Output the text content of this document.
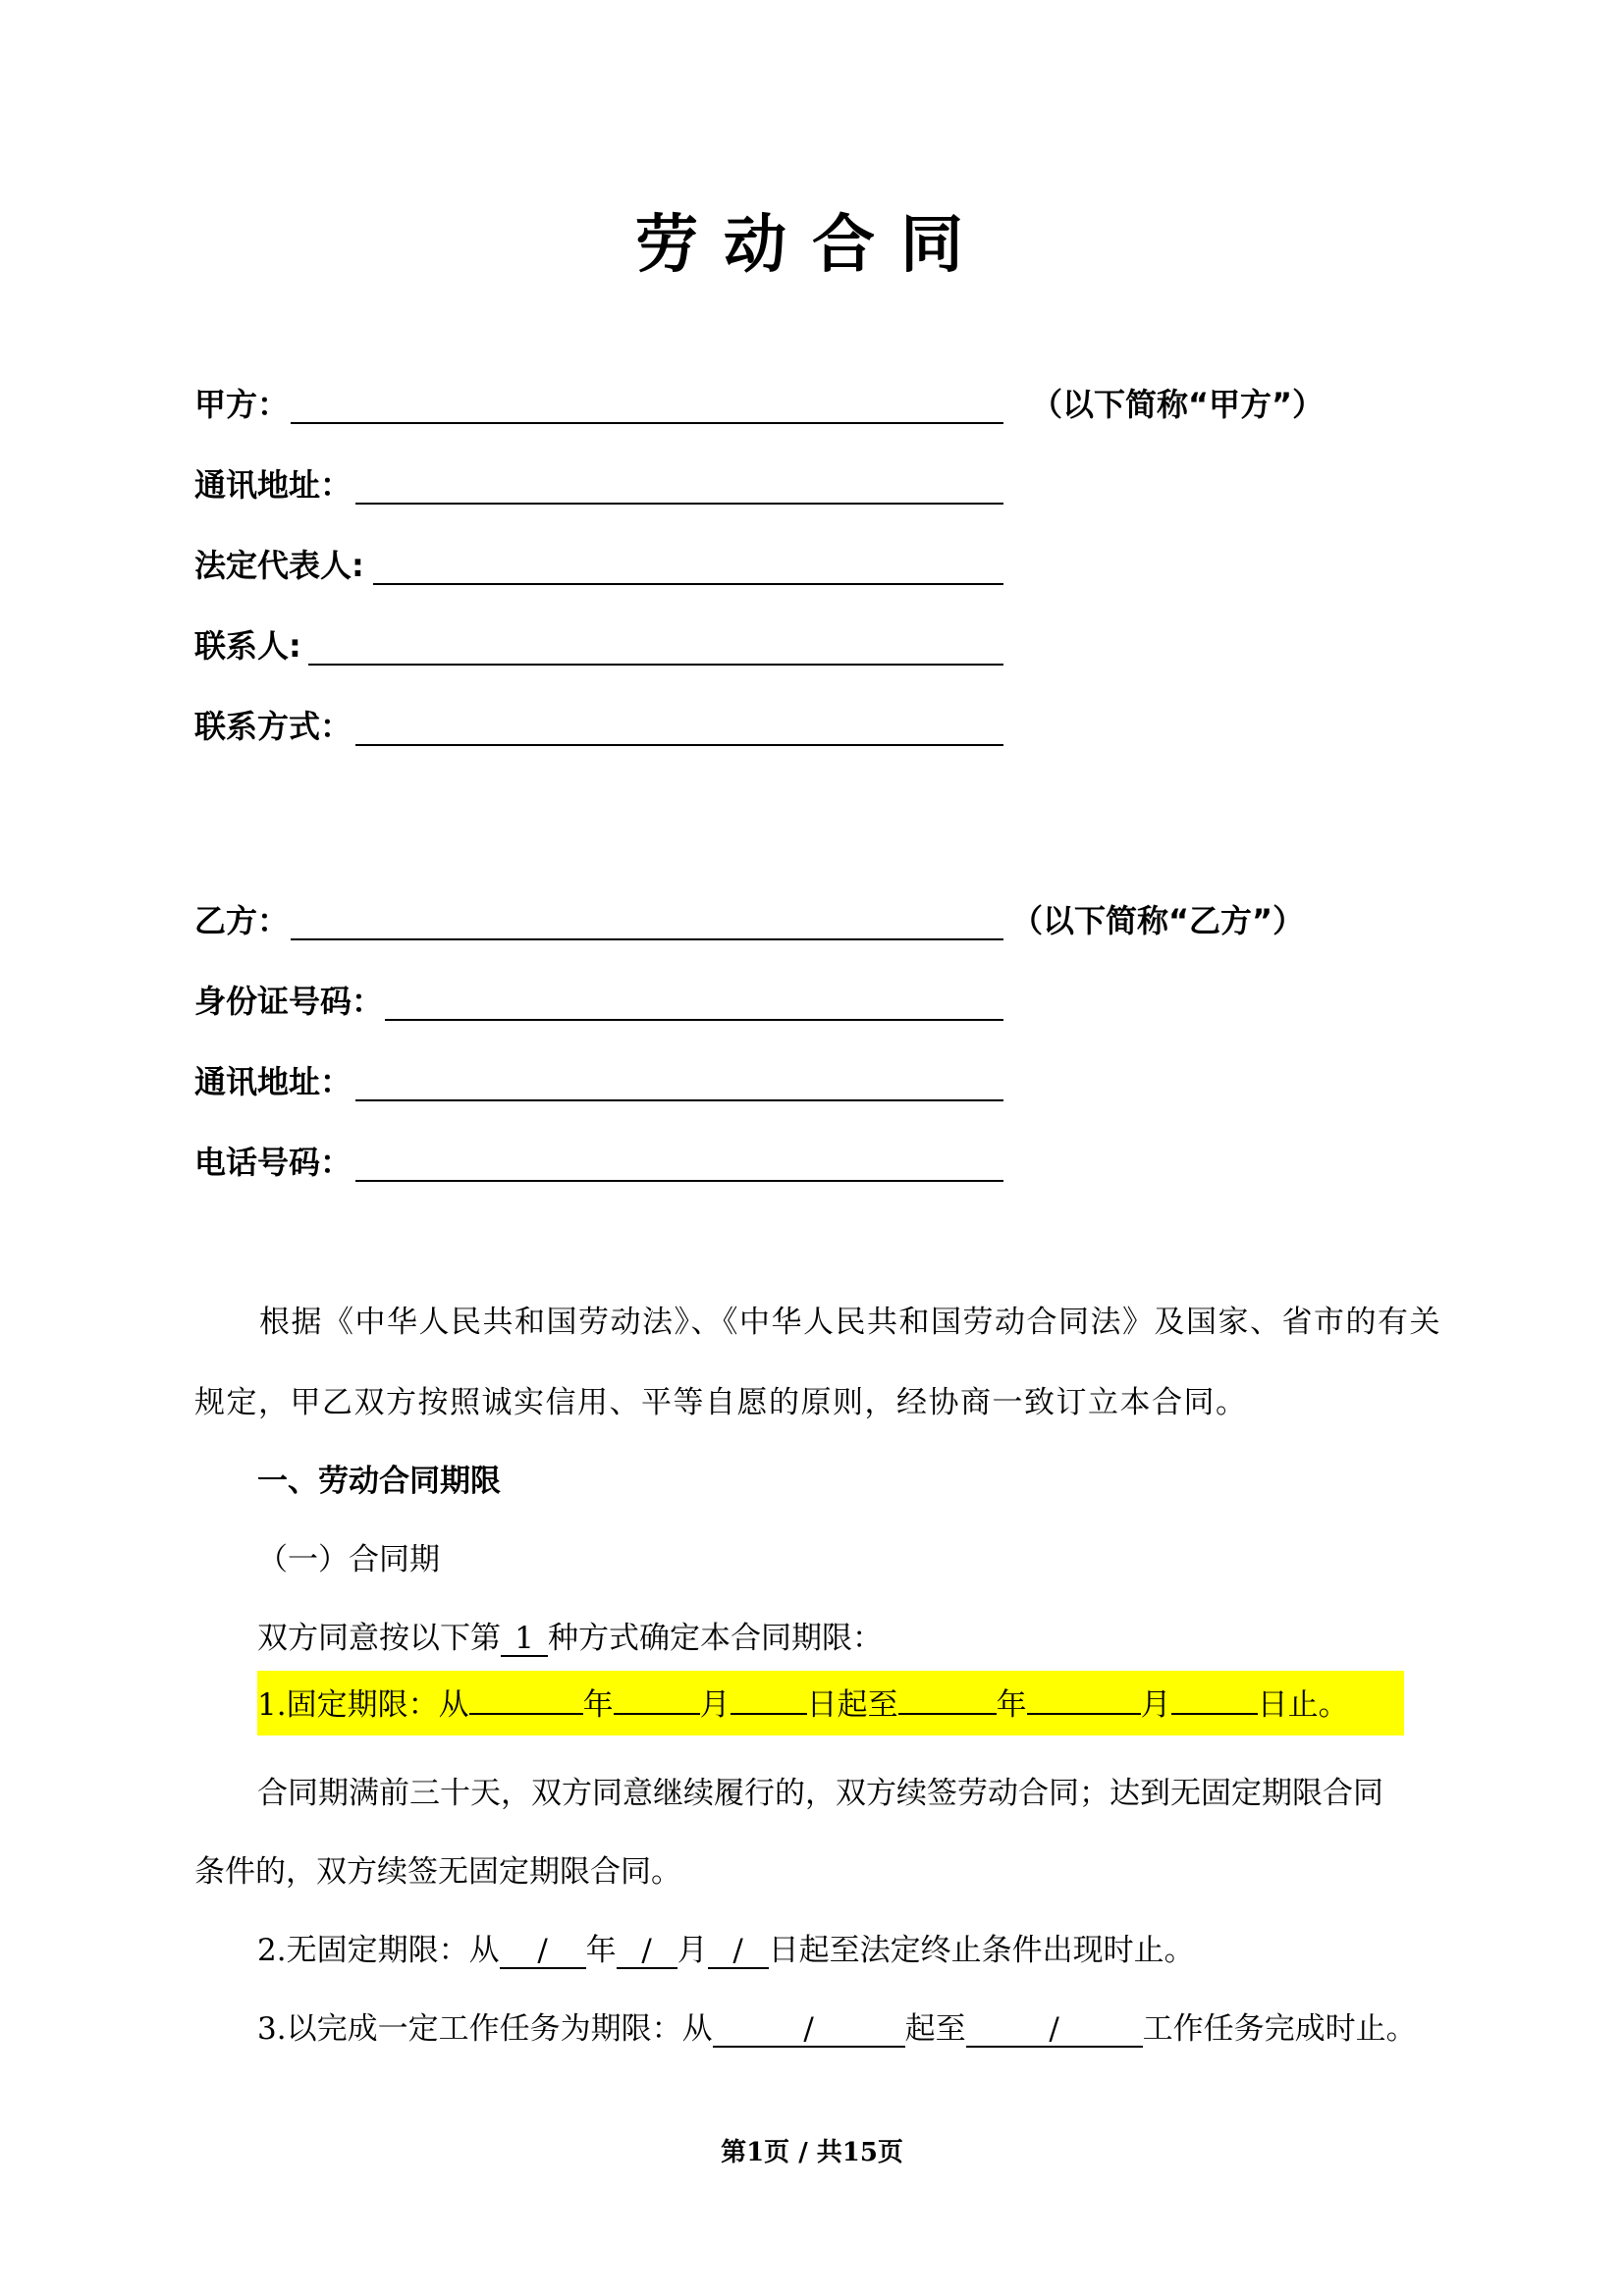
劳动合同
甲方：	（以下简称“甲方”）
通讯地址：
法定代表人:
联系人:
联系方式：
乙方：	（以下简称“乙方”）
身份证号码：
通讯地址：
电话号码：
根据《中华人民共和国劳动法》、《中华人民共和国劳动合同法》及国家、省市的有关
规定，甲乙双方按照诚实信用、平等自愿的原则，经协商一致订立本合同。
一、劳动合同期限
（一）合同期
双方同意按以下第 1 种方式确定本合同期限：
1.固定期限：从	年	月	日起至	年	月	日止。
合同期满前三十天，双方同意继续履行的，双方续签劳动合同；达到无固定期限合同
条件的，双方续签无固定期限合同。
2.无固定期限：从 / 年 / 月 / 日起至法定终止条件出现时止。
3.以完成一定工作任务为期限：从	/	起至	/	工作任务完成时止。
第1页 / 共15页
